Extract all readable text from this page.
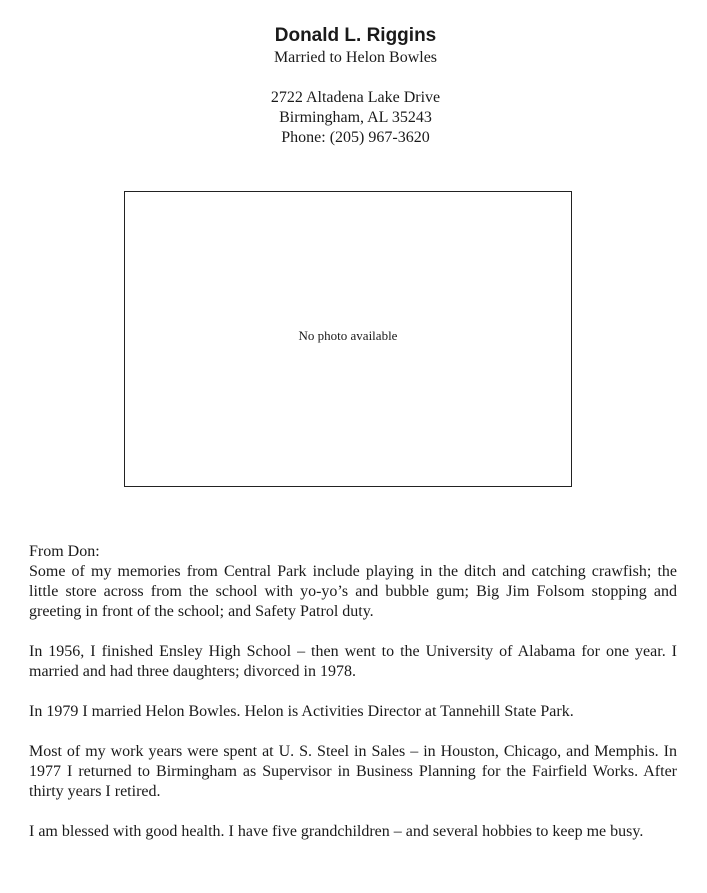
Donald L. Riggins
Married to Helon Bowles
2722 Altadena Lake Drive
Birmingham, AL 35243
Phone: (205) 967-3620
No photo available

From Don:

Some of my memories from Central Park include playing in the ditch and catching crawfish; the little store across from the school with yo-yo’s and bubble gum; Big Jim Folsom stopping and greeting in front of the school; and Safety Patrol duty.

In 1956, I finished Ensley High School – then went to the University of Alabama for one year. I married and had three daughters; divorced in 1978.

In 1979 I married Helon Bowles. Helon is Activities Director at Tannehill State Park.

Most of my work years were spent at U. S. Steel in Sales – in Houston, Chicago, and Memphis. In 1977 I returned to Birmingham as Supervisor in Business Planning for the Fairfield Works. After thirty years I retired.

I am blessed with good health. I have five grandchildren – and several hobbies to keep me busy.
